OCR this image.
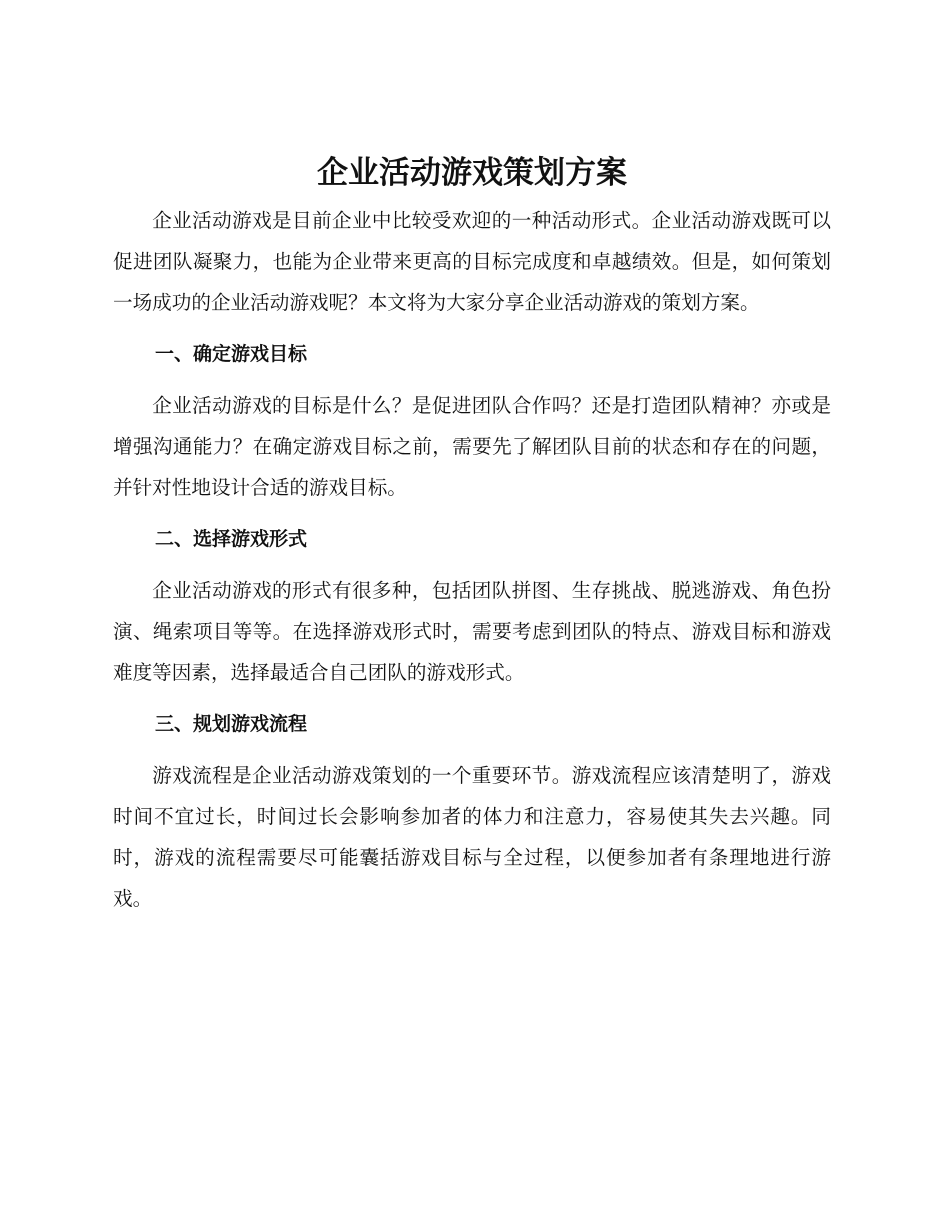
企业活动游戏策划方案

企业活动游戏是目前企业中比较受欢迎的一种活动形式。企业活动游戏既可以促进团队凝聚力，也能为企业带来更高的目标完成度和卓越绩效。但是，如何策划一场成功的企业活动游戏呢？本文将为大家分享企业活动游戏的策划方案。

一、确定游戏目标

企业活动游戏的目标是什么？是促进团队合作吗？还是打造团队精神？亦或是增强沟通能力？在确定游戏目标之前，需要先了解团队目前的状态和存在的问题，并针对性地设计合适的游戏目标。

二、选择游戏形式

企业活动游戏的形式有很多种，包括团队拼图、生存挑战、脱逃游戏、角色扮演、绳索项目等等。在选择游戏形式时，需要考虑到团队的特点、游戏目标和游戏难度等因素，选择最适合自己团队的游戏形式。

三、规划游戏流程

游戏流程是企业活动游戏策划的一个重要环节。游戏流程应该清楚明了，游戏时间不宜过长，时间过长会影响参加者的体力和注意力，容易使其失去兴趣。同时，游戏的流程需要尽可能囊括游戏目标与全过程，以便参加者有条理地进行游戏。
